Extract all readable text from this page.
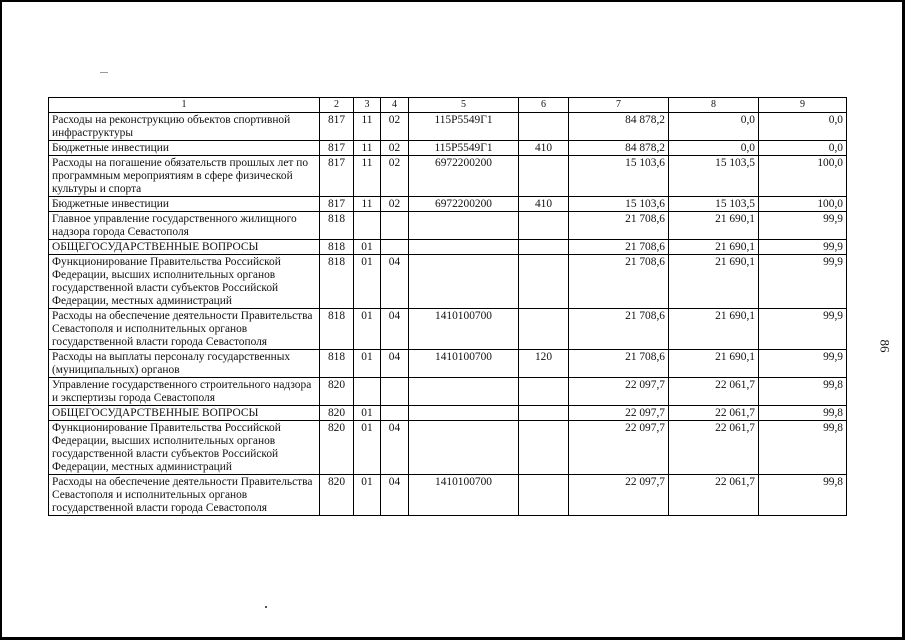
1	2	3	4	5	6	7	8	9
Расходы на реконструкцию объектов спортивной инфраструктуры	817	11	02	115Р5549Г1		84 878,2	0,0	0,0
Бюджетные инвестиции	817	11	02	115Р5549Г1	410	84 878,2	0,0	0,0
Расходы на погашение обязательств прошлых лет по программным мероприятиям в сфере физической культуры и спорта	817	11	02	6972200200		15 103,6	15 103,5	100,0
Бюджетные инвестиции	817	11	02	6972200200	410	15 103,6	15 103,5	100,0
Главное управление государственного жилищного надзора города Севастополя	818					21 708,6	21 690,1	99,9
ОБЩЕГОСУДАРСТВЕННЫЕ ВОПРОСЫ	818	01				21 708,6	21 690,1	99,9
Функционирование Правительства Российской Федерации, высших исполнительных органов государственной власти субъектов Российской Федерации, местных администраций	818	01	04			21 708,6	21 690,1	99,9
Расходы на обеспечение деятельности Правительства Севастополя и исполнительных органов государственной власти города Севастополя	818	01	04	1410100700		21 708,6	21 690,1	99,9
Расходы на выплаты персоналу государственных (муниципальных) органов	818	01	04	1410100700	120	21 708,6	21 690,1	99,9
Управление государственного строительного надзора и экспертизы города Севастополя	820					22 097,7	22 061,7	99,8
ОБЩЕГОСУДАРСТВЕННЫЕ ВОПРОСЫ	820	01				22 097,7	22 061,7	99,8
Функционирование Правительства Российской Федерации, высших исполнительных органов государственной власти субъектов Российской Федерации, местных администраций	820	01	04			22 097,7	22 061,7	99,8
Расходы на обеспечение деятельности Правительства Севастополя и исполнительных органов государственной власти города Севастополя	820	01	04	1410100700		22 097,7	22 061,7	99,8
86
